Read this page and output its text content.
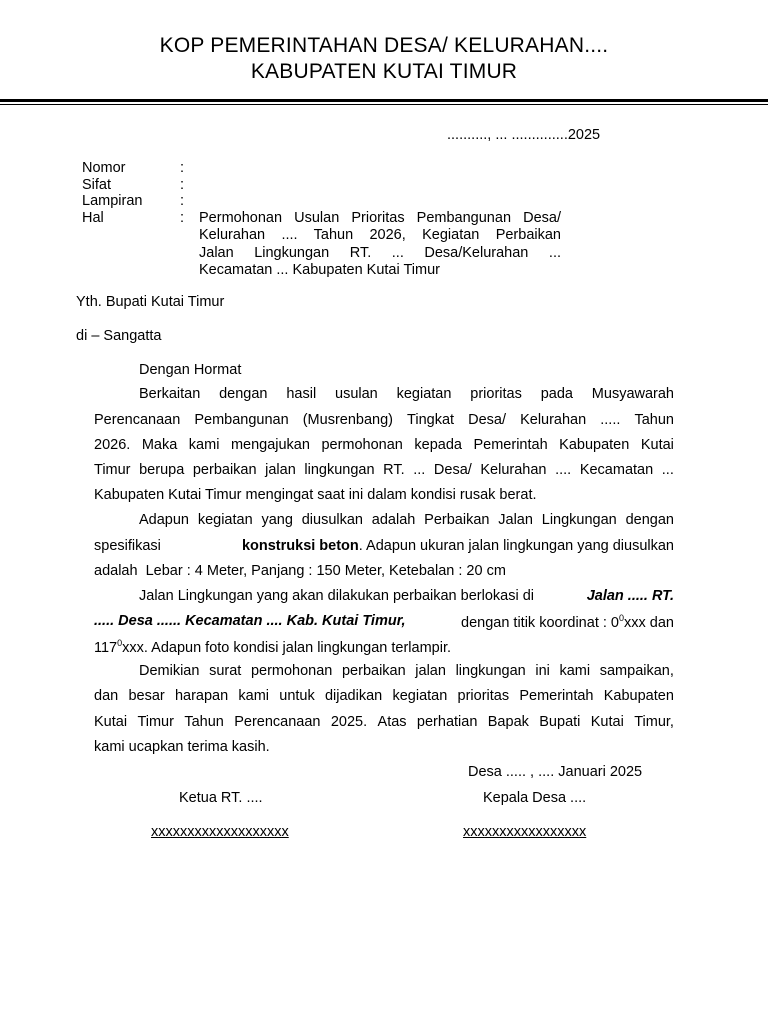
KOP PEMERINTAHAN DESA/ KELURAHAN....
KABUPATEN KUTAI TIMUR
.........., ... ..............2025
Nomor	:
Sifat	:
Lampiran	:
Hal	: Permohonan Usulan Prioritas Pembangunan Desa/
Kelurahan .... Tahun 2026, Kegiatan Perbaikan
Jalan Lingkungan RT. ... Desa/Kelurahan ...
Kecamatan ... Kabupaten Kutai Timur
Yth. Bupati Kutai Timur
di – Sangatta
Dengan Hormat
Berkaitan dengan hasil usulan kegiatan prioritas pada Musyawarah
Perencanaan Pembangunan (Musrenbang) Tingkat Desa/ Kelurahan ..... Tahun
2026. Maka kami mengajukan permohonan kepada Pemerintah Kabupaten Kutai
Timur berupa perbaikan jalan lingkungan RT. ... Desa/ Kelurahan .... Kecamatan ...
Kabupaten Kutai Timur mengingat saat ini dalam kondisi rusak berat.
Adapun kegiatan yang diusulkan adalah Perbaikan Jalan Lingkungan dengan
spesifikasi	konstruksi beton. Adapun ukuran jalan lingkungan yang diusulkan
adalah  Lebar : 4 Meter, Panjang : 150 Meter, Ketebalan : 20 cm
Jalan Lingkungan yang akan dilakukan perbaikan berlokasi di	Jalan ..... RT.
..... Desa ...... Kecamatan .... Kab. Kutai Timur,	dengan titik koordinat : $0^0xxx$ dan
$117^0xxx$. Adapun foto kondisi jalan lingkungan terlampir.
Demikian surat permohonan perbaikan jalan lingkungan ini kami sampaikan,
dan besar harapan kami untuk dijadikan kegiatan prioritas Pemerintah Kabupaten
Kutai Timur Tahun Perencanaan 2025. Atas perhatian Bapak Bupati Kutai Timur,
kami ucapkan terima kasih.
Desa ..... , .... Januari 2025
Ketua RT. ....	Kepala Desa ....
xxxxxxxxxxxxxxxxxxx	xxxxxxxxxxxxxxxxx
